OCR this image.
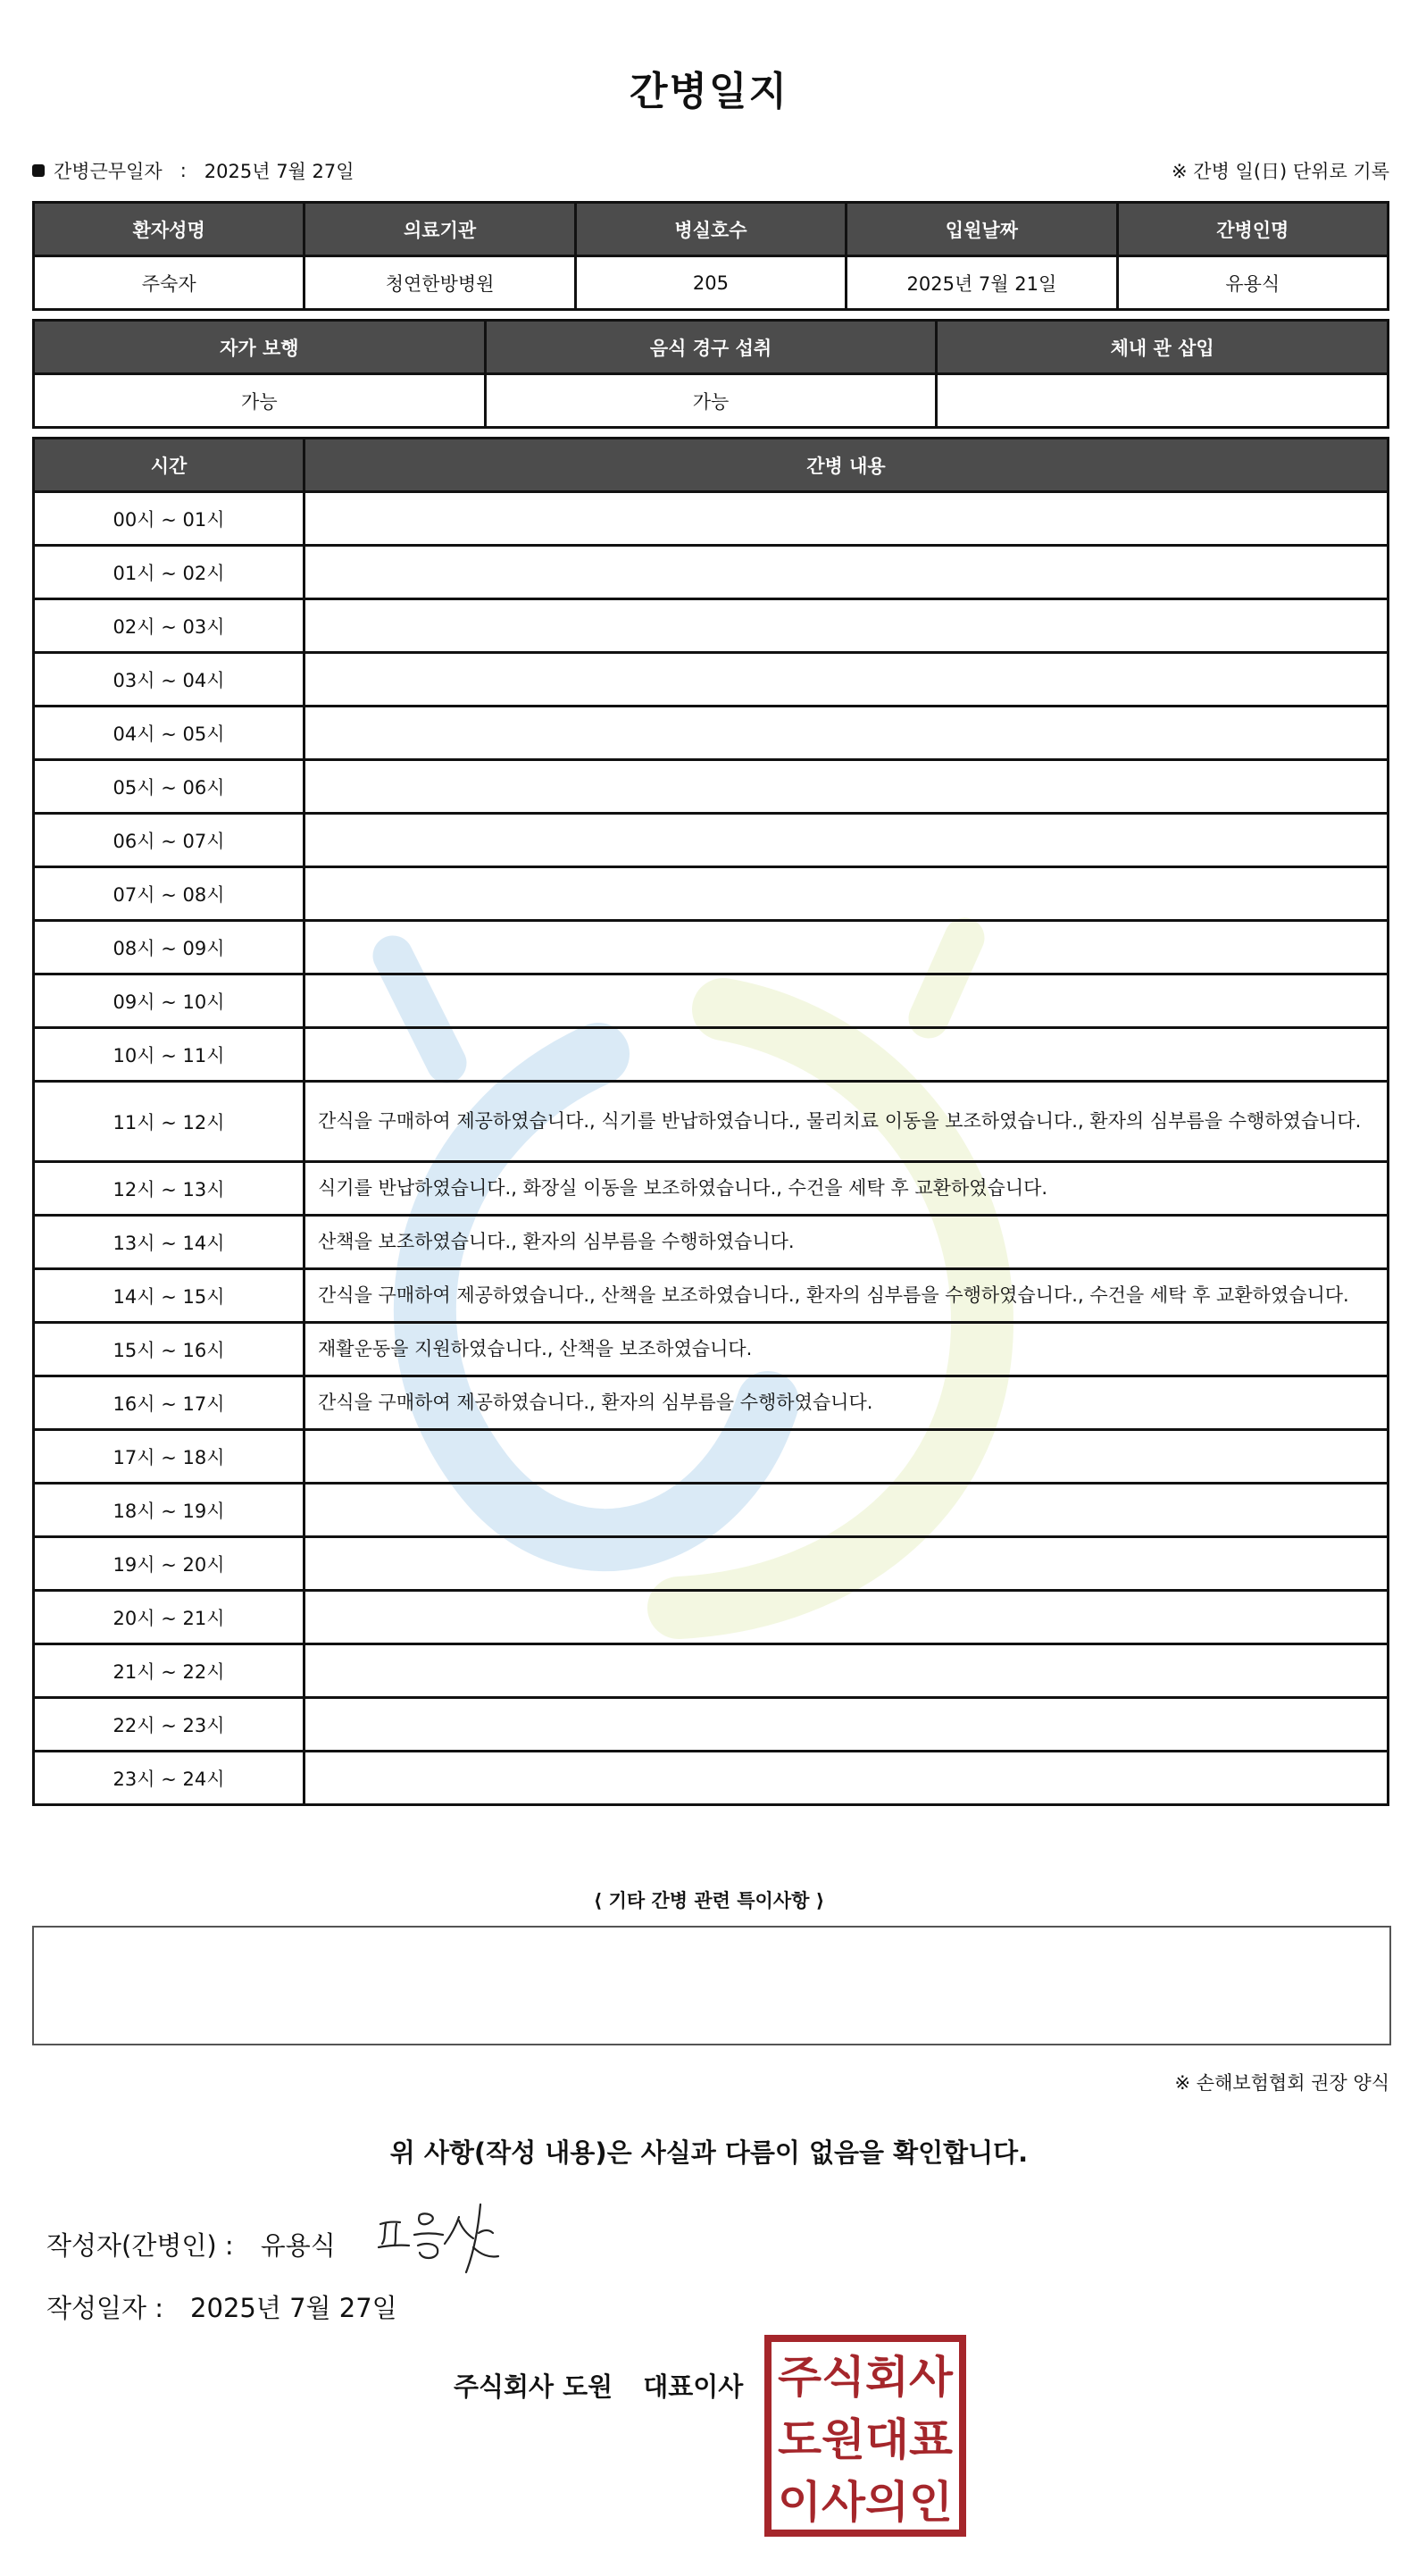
간병일지
간병근무일자 : 2025년 7월 27일	※ 간병 일(日) 단위로 기록
환자성명	의료기관	병실호수	입원날짜	간병인명
주숙자	청연한방병원	205	2025년 7월 21일	유용식
자가 보행	음식 경구 섭취	체내 관 삽입
가능	가능	
시간	간병 내용
00시 ~ 01시	
01시 ~ 02시	
02시 ~ 03시	
03시 ~ 04시	
04시 ~ 05시	
05시 ~ 06시	
06시 ~ 07시	
07시 ~ 08시	
08시 ~ 09시	
09시 ~ 10시	
10시 ~ 11시	
11시 ~ 12시	간식을 구매하여 제공하였습니다., 식기를 반납하였습니다., 물리치료 이동을 보조하였습니다., 환자의 심부름을 수행하였습니다.
12시 ~ 13시	식기를 반납하였습니다., 화장실 이동을 보조하였습니다., 수건을 세탁 후 교환하였습니다.
13시 ~ 14시	산책을 보조하였습니다., 환자의 심부름을 수행하였습니다.
14시 ~ 15시	간식을 구매하여 제공하였습니다., 산책을 보조하였습니다., 환자의 심부름을 수행하였습니다., 수건을 세탁 후 교환하였습니다.
15시 ~ 16시	재활운동을 지원하였습니다., 산책을 보조하였습니다.
16시 ~ 17시	간식을 구매하여 제공하였습니다., 환자의 심부름을 수행하였습니다.
17시 ~ 18시	
18시 ~ 19시	
19시 ~ 20시	
20시 ~ 21시	
21시 ~ 22시	
22시 ~ 23시	
23시 ~ 24시	
⟨ 기타 간병 관련 특이사항 ⟩
※ 손해보험협회 권장 양식
위 사항(작성 내용)은 사실과 다름이 없음을 확인합니다.
작성자(간병인) : 유용식
작성일자 : 2025년 7월 27일
주식회사 도원 대표이사 주식회사
도원대표
이사의인
